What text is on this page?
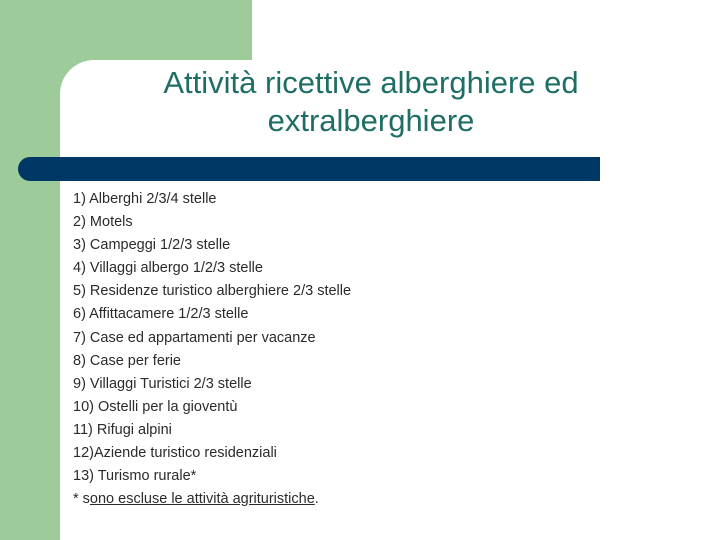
Attività ricettive alberghiere ed
extralberghiere
1) Alberghi 2/3/4 stelle
2) Motels
3) Campeggi 1/2/3 stelle
4) Villaggi albergo 1/2/3 stelle
5) Residenze turistico alberghiere 2/3 stelle
6) Affittacamere 1/2/3 stelle
7) Case ed appartamenti per vacanze
8) Case per ferie
9) Villaggi Turistici 2/3 stelle
10) Ostelli per la gioventù
11) Rifugi alpini
12)Aziende turistico residenziali
13) Turismo rurale*

* sono escluse le attività agrituristiche.
